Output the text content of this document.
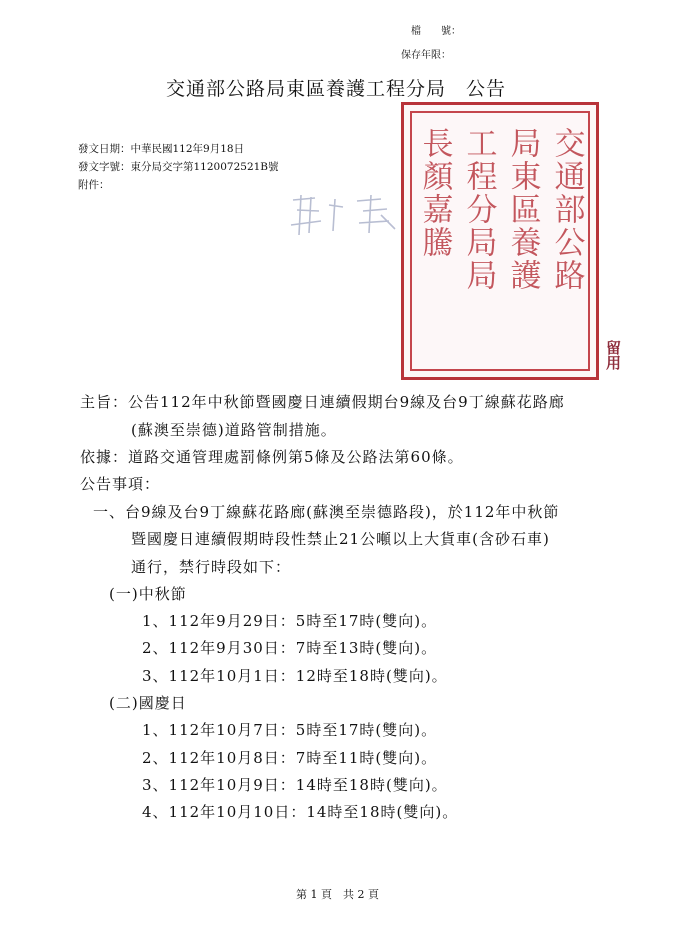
檔　　號：
保存年限：
交通部公路局東區養護工程分局　公告
交通部公路
局東區養護
工程分局局
長顏嘉騰
留用
發文日期：中華民國112年9月18日
發文字號：東分局交字第1120072521B號
附件：
主旨：公告112年中秋節暨國慶日連續假期台9線及台9丁線蘇花路廊
(蘇澳至崇德)道路管制措施。
依據：道路交通管理處罰條例第5條及公路法第60條。
公告事項：
一、台9線及台9丁線蘇花路廊(蘇澳至崇德路段)，於112年中秋節
暨國慶日連續假期時段性禁止21公噸以上大貨車(含砂石車)
通行，禁行時段如下：
(一)中秋節
1、112年9月29日：5時至17時(雙向)。
2、112年9月30日：7時至13時(雙向)。
3、112年10月1日：12時至18時(雙向)。
(二)國慶日
1、112年10月7日：5時至17時(雙向)。
2、112年10月8日：7時至11時(雙向)。
3、112年10月9日：14時至18時(雙向)。
4、112年10月10日：14時至18時(雙向)。
第 1 頁　共 2 頁
